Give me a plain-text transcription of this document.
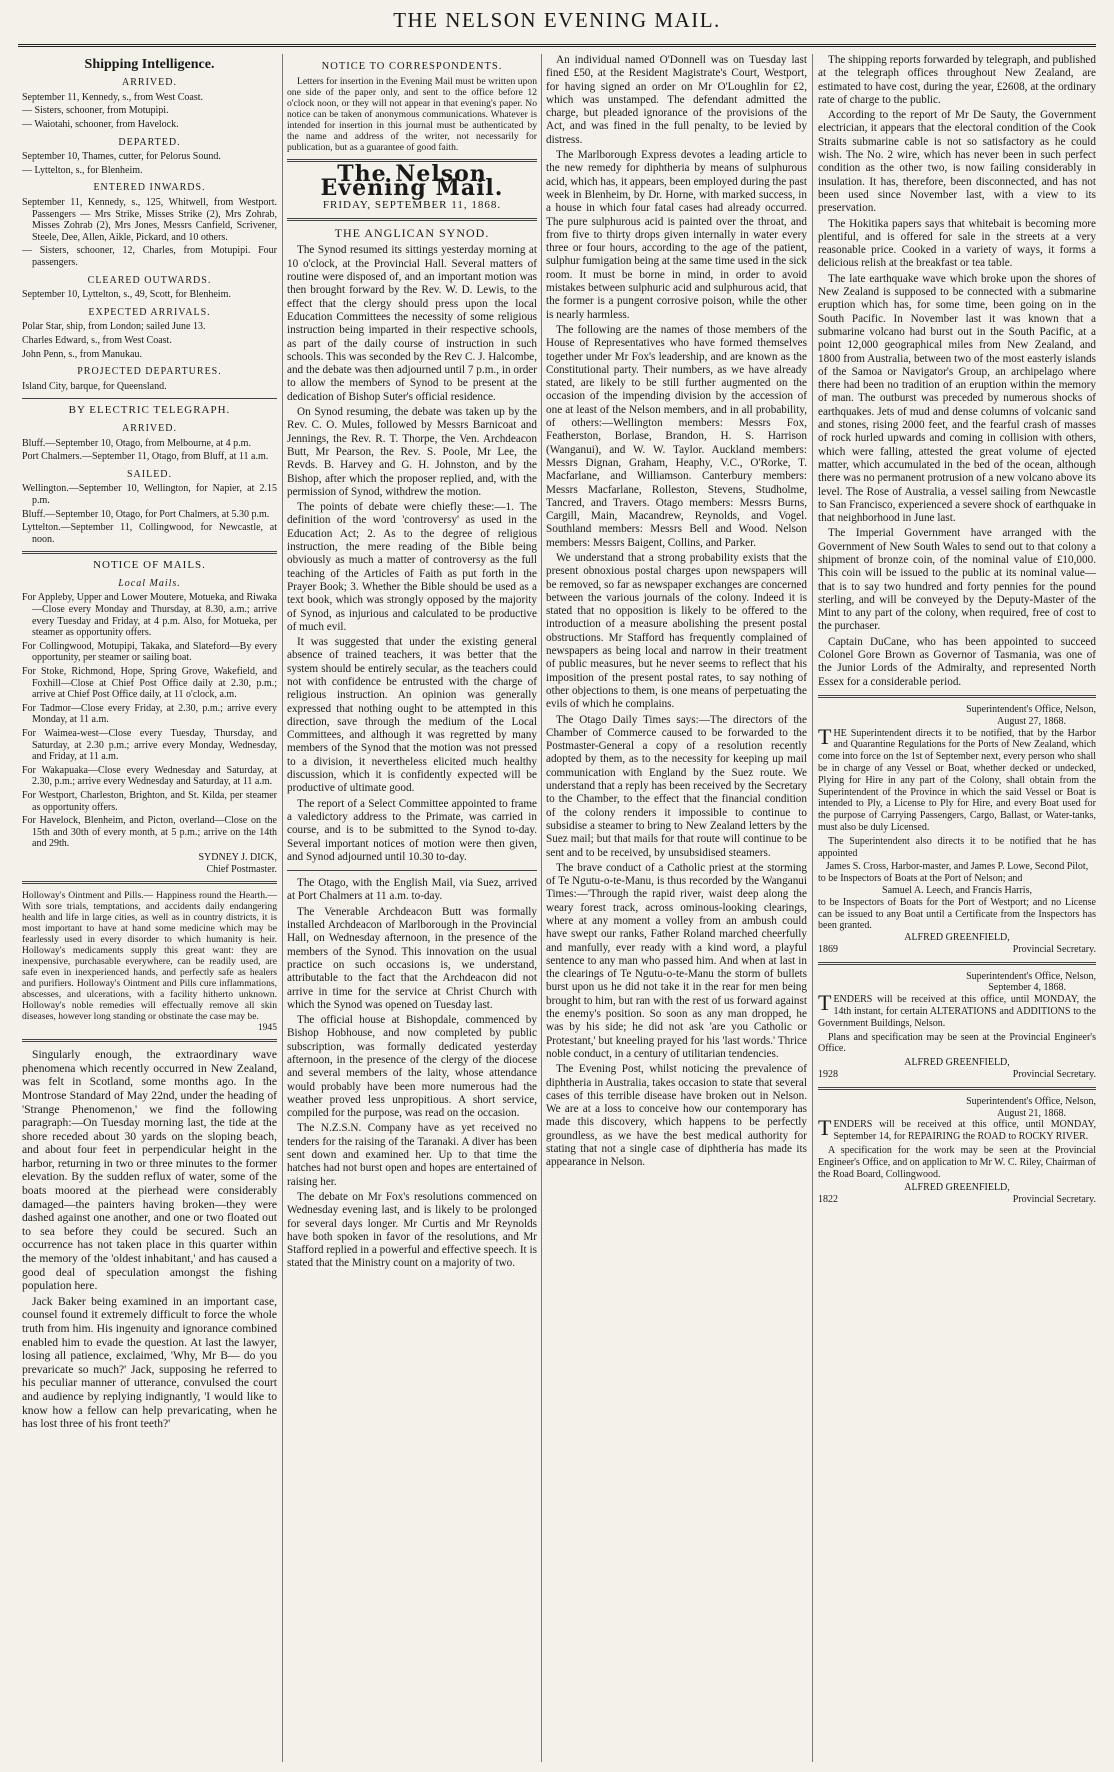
THE NELSON EVENING MAIL.
Shipping Intelligence.
ARRIVED.

September 11, Kennedy, s., from West Coast.

— Sisters, schooner, from Motupipi.

— Waiotahi, schooner, from Havelock.

DEPARTED.

September 10, Thames, cutter, for Pelorus Sound.

— Lyttelton, s., for Blenheim.

ENTERED INWARDS.

September 11, Kennedy, s., 125, Whitwell, from Westport. Passengers — Mrs Strike, Misses Strike (2), Mrs Zohrab, Misses Zohrab (2), Mrs Jones, Messrs Canfield, Scrivener, Steele, Dee, Allen, Aikle, Pickard, and 10 others.

— Sisters, schooner, 12, Charles, from Motupipi. Four passengers.

CLEARED OUTWARDS.

September 10, Lyttelton, s., 49, Scott, for Blenheim.

EXPECTED ARRIVALS.

Polar Star, ship, from London; sailed June 13.

Charles Edward, s., from West Coast.

John Penn, s., from Manukau.

PROJECTED DEPARTURES.

Island City, barque, for Queensland.

BY ELECTRIC TELEGRAPH.
ARRIVED.

Bluff.—September 10, Otago, from Melbourne, at 4 p.m.

Port Chalmers.—September 11, Otago, from Bluff, at 11 a.m.

SAILED.

Wellington.—September 10, Wellington, for Napier, at 2.15 p.m.

Bluff.—September 10, Otago, for Port Chalmers, at 5.30 p.m.

Lyttelton.—September 11, Collingwood, for Newcastle, at noon.

NOTICE OF MAILS.
Local Mails.

For Appleby, Upper and Lower Moutere, Motueka, and Riwaka—Close every Monday and Thursday, at 8.30, a.m.; arrive every Tuesday and Friday, at 4 p.m. Also, for Motueka, per steamer as opportunity offers.

For Collingwood, Motupipi, Takaka, and Slateford—By every opportunity, per steamer or sailing boat.

For Stoke, Richmond, Hope, Spring Grove, Wakefield, and Foxhill—Close at Chief Post Office daily at 2.30, p.m.; arrive at Chief Post Office daily, at 11 o'clock, a.m.

For Tadmor—Close every Friday, at 2.30, p.m.; arrive every Monday, at 11 a.m.

For Waimea-west—Close every Tuesday, Thursday, and Saturday, at 2.30 p.m.; arrive every Monday, Wednesday, and Friday, at 11 a.m.

For Wakapuaka—Close every Wednesday and Saturday, at 2.30, p.m.; arrive every Wednesday and Saturday, at 11 a.m.

For Westport, Charleston, Brighton, and St. Kilda, per steamer as opportunity offers.

For Havelock, Blenheim, and Picton, overland—Close on the 15th and 30th of every month, at 5 p.m.; arrive on the 14th and 29th.

SYDNEY J. DICK,
Chief Postmaster.
Holloway's Ointment and Pills.— Happiness round the Hearth.—With sore trials, temptations, and accidents daily endangering health and life in large cities, as well as in country districts, it is most important to have at hand some medicine which may be fearlessly used in every disorder to which humanity is heir. Holloway's medicaments supply this great want: they are inexpensive, purchasable everywhere, can be readily used, are safe even in inexperienced hands, and perfectly safe as healers and purifiers. Holloway's Ointment and Pills cure inflammations, abscesses, and ulcerations, with a facility hitherto unknown. Holloway's noble remedies will effectually remove all skin diseases, however long standing or obstinate the case may be.
1945

Singularly enough, the extraordinary wave phenomena which recently occurred in New Zealand, was felt in Scotland, some months ago. In the Montrose Standard of May 22nd, under the heading of 'Strange Phenomenon,' we find the following paragraph:—On Tuesday morning last, the tide at the shore receded about 30 yards on the sloping beach, and about four feet in perpendicular height in the harbor, returning in two or three minutes to the former elevation. By the sudden reflux of water, some of the boats moored at the pierhead were considerably damaged—the painters having broken—they were dashed against one another, and one or two floated out to sea before they could be secured. Such an occurrence has not taken place in this quarter within the memory of the 'oldest inhabitant,' and has caused a good deal of speculation amongst the fishing population here.

Jack Baker being examined in an important case, counsel found it extremely difficult to force the whole truth from him. His ingenuity and ignorance combined enabled him to evade the question. At last the lawyer, losing all patience, exclaimed, 'Why, Mr B— do you prevaricate so much?' Jack, supposing he referred to his peculiar manner of utterance, convulsed the court and audience by replying indignantly, 'I would like to know how a fellow can help prevaricating, when he has lost three of his front teeth?'

NOTICE TO CORRESPONDENTS.
Letters for insertion in the Evening Mail must be written upon one side of the paper only, and sent to the office before 12 o'clock noon, or they will not appear in that evening's paper. No notice can be taken of anonymous communications. Whatever is intended for insertion in this journal must be authenticated by the name and address of the writer, not necessarily for publication, but as a guarantee of good faith.
The Nelson Evening Mail.
FRIDAY, SEPTEMBER 11, 1868.
THE ANGLICAN SYNOD.

The Synod resumed its sittings yesterday morning at 10 o'clock, at the Provincial Hall. Several matters of routine were disposed of, and an important motion was then brought forward by the Rev. W. D. Lewis, to the effect that the clergy should press upon the local Education Committees the necessity of some religious instruction being imparted in their respective schools, as part of the daily course of instruction in such schools. This was seconded by the Rev C. J. Halcombe, and the debate was then adjourned until 7 p.m., in order to allow the members of Synod to be present at the dedication of Bishop Suter's official residence.

On Synod resuming, the debate was taken up by the Rev. C. O. Mules, followed by Messrs Barnicoat and Jennings, the Rev. R. T. Thorpe, the Ven. Archdeacon Butt, Mr Pearson, the Rev. S. Poole, Mr Lee, the Revds. B. Harvey and G. H. Johnston, and by the Bishop, after which the proposer replied, and, with the permission of Synod, withdrew the motion.

The points of debate were chiefly these:—1. The definition of the word 'controversy' as used in the Education Act; 2. As to the degree of religious instruction, the mere reading of the Bible being obviously as much a matter of controversy as the full teaching of the Articles of Faith as put forth in the Prayer Book; 3. Whether the Bible should be used as a text book, which was strongly opposed by the majority of Synod, as injurious and calculated to be productive of much evil.

It was suggested that under the existing general absence of trained teachers, it was better that the system should be entirely secular, as the teachers could not with confidence be entrusted with the charge of religious instruction. An opinion was generally expressed that nothing ought to be attempted in this direction, save through the medium of the Local Committees, and although it was regretted by many members of the Synod that the motion was not pressed to a division, it nevertheless elicited much healthy discussion, which it is confidently expected will be productive of ultimate good.

The report of a Select Committee appointed to frame a valedictory address to the Primate, was carried in course, and is to be submitted to the Synod to-day. Several important notices of motion were then given, and Synod adjourned until 10.30 to-day.

The Otago, with the English Mail, via Suez, arrived at Port Chalmers at 11 a.m. to-day.

The Venerable Archdeacon Butt was formally installed Archdeacon of Marlborough in the Provincial Hall, on Wednesday afternoon, in the presence of the members of the Synod. This innovation on the usual practice on such occasions is, we understand, attributable to the fact that the Archdeacon did not arrive in time for the service at Christ Church with which the Synod was opened on Tuesday last.

The official house at Bishopdale, commenced by Bishop Hobhouse, and now completed by public subscription, was formally dedicated yesterday afternoon, in the presence of the clergy of the diocese and several members of the laity, whose attendance would probably have been more numerous had the weather proved less unpropitious. A short service, compiled for the purpose, was read on the occasion.

The N.Z.S.N. Company have as yet received no tenders for the raising of the Taranaki. A diver has been sent down and examined her. Up to that time the hatches had not burst open and hopes are entertained of raising her.

The debate on Mr Fox's resolutions commenced on Wednesday evening last, and is likely to be prolonged for several days longer. Mr Curtis and Mr Reynolds have both spoken in favor of the resolutions, and Mr Stafford replied in a powerful and effective speech. It is stated that the Ministry count on a majority of two.

An individual named O'Donnell was on Tuesday last fined £50, at the Resident Magistrate's Court, Westport, for having signed an order on Mr O'Loughlin for £2, which was unstamped. The defendant admitted the charge, but pleaded ignorance of the provisions of the Act, and was fined in the full penalty, to be levied by distress.

The Marlborough Express devotes a leading article to the new remedy for diphtheria by means of sulphurous acid, which has, it appears, been employed during the past week in Blenheim, by Dr. Horne, with marked success, in a house in which four fatal cases had already occurred. The pure sulphurous acid is painted over the throat, and from five to thirty drops given internally in water every three or four hours, according to the age of the patient, sulphur fumigation being at the same time used in the sick room. It must be borne in mind, in order to avoid mistakes between sulphuric acid and sulphurous acid, that the former is a pungent corrosive poison, while the other is nearly harmless.

The following are the names of those members of the House of Representatives who have formed themselves together under Mr Fox's leadership, and are known as the Constitutional party. Their numbers, as we have already stated, are likely to be still further augmented on the occasion of the impending division by the accession of one at least of the Nelson members, and in all probability, of others:—Wellington members: Messrs Fox, Featherston, Borlase, Brandon, H. S. Harrison (Wanganui), and W. W. Taylor. Auckland members: Messrs Dignan, Graham, Heaphy, V.C., O'Rorke, T. Macfarlane, and Williamson. Canterbury members: Messrs Macfarlane, Rolleston, Stevens, Studholme, Tancred, and Travers. Otago members: Messrs Burns, Cargill, Main, Macandrew, Reynolds, and Vogel. Southland members: Messrs Bell and Wood. Nelson members: Messrs Baigent, Collins, and Parker.

We understand that a strong probability exists that the present obnoxious postal charges upon newspapers will be removed, so far as newspaper exchanges are concerned between the various journals of the colony. Indeed it is stated that no opposition is likely to be offered to the introduction of a measure abolishing the present postal obstructions. Mr Stafford has frequently complained of newspapers as being local and narrow in their treatment of public measures, but he never seems to reflect that his imposition of the present postal rates, to say nothing of other objections to them, is one means of perpetuating the evils of which he complains.

The Otago Daily Times says:—The directors of the Chamber of Commerce caused to be forwarded to the Postmaster-General a copy of a resolution recently adopted by them, as to the necessity for keeping up mail communication with England by the Suez route. We understand that a reply has been received by the Secretary to the Chamber, to the effect that the financial condition of the colony renders it impossible to continue to subsidise a steamer to bring to New Zealand letters by the Suez mail; but that mails for that route will continue to be sent and to be received, by unsubsidised steamers.

The brave conduct of a Catholic priest at the storming of Te Ngutu-o-te-Manu, is thus recorded by the Wanganui Times:—'Through the rapid river, waist deep along the weary forest track, across ominous-looking clearings, where at any moment a volley from an ambush could have swept our ranks, Father Roland marched cheerfully and manfully, ever ready with a kind word, a playful sentence to any man who passed him. And when at last in the clearings of Te Ngutu-o-te-Manu the storm of bullets burst upon us he did not take it in the rear for men being brought to him, but ran with the rest of us forward against the enemy's position. So soon as any man dropped, he was by his side; he did not ask 'are you Catholic or Protestant,' but kneeling prayed for his 'last words.' Thrice noble conduct, in a century of utilitarian tendencies.

The Evening Post, whilst noticing the prevalence of diphtheria in Australia, takes occasion to state that several cases of this terrible disease have broken out in Nelson. We are at a loss to conceive how our contemporary has made this discovery, which happens to be perfectly groundless, as we have the best medical authority for stating that not a single case of diphtheria has made its appearance in Nelson.

The shipping reports forwarded by telegraph, and published at the telegraph offices throughout New Zealand, are estimated to have cost, during the year, £2608, at the ordinary rate of charge to the public.

According to the report of Mr De Sauty, the Government electrician, it appears that the electoral condition of the Cook Straits submarine cable is not so satisfactory as he could wish. The No. 2 wire, which has never been in such perfect condition as the other two, is now failing considerably in insulation. It has, therefore, been disconnected, and has not been used since November last, with a view to its preservation.

The Hokitika papers says that whitebait is becoming more plentiful, and is offered for sale in the streets at a very reasonable price. Cooked in a variety of ways, it forms a delicious relish at the breakfast or tea table.

The late earthquake wave which broke upon the shores of New Zealand is supposed to be connected with a submarine eruption which has, for some time, been going on in the South Pacific. In November last it was known that a submarine volcano had burst out in the South Pacific, at a point 12,000 geographical miles from New Zealand, and 1800 from Australia, between two of the most easterly islands of the Samoa or Navigator's Group, an archipelago where there had been no tradition of an eruption within the memory of man. The outburst was preceded by numerous shocks of earthquakes. Jets of mud and dense columns of volcanic sand and stones, rising 2000 feet, and the fearful crash of masses of rock hurled upwards and coming in collision with others, which were falling, attested the great volume of ejected matter, which accumulated in the bed of the ocean, although there was no permanent protrusion of a new volcano above its level. The Rose of Australia, a vessel sailing from Newcastle to San Francisco, experienced a severe shock of earthquake in that neighborhood in June last.

The Imperial Government have arranged with the Government of New South Wales to send out to that colony a shipment of bronze coin, of the nominal value of £10,000. This coin will be issued to the public at its nominal value—that is to say two hundred and forty pennies for the pound sterling, and will be conveyed by the Deputy-Master of the Mint to any part of the colony, when required, free of cost to the purchaser.

Captain DuCane, who has been appointed to succeed Colonel Gore Brown as Governor of Tasmania, was one of the Junior Lords of the Admiralty, and represented North Essex for a considerable period.

Superintendent's Office, Nelson,
August 27, 1868.

THE Superintendent directs it to be notified, that by the Harbor and Quarantine Regulations for the Ports of New Zealand, which come into force on the 1st of September next, every person who shall be in charge of any Vessel or Boat, whether decked or undecked, Plying for Hire in any part of the Colony, shall obtain from the Superintendent of the Province in which the said Vessel or Boat is intended to Ply, a License to Ply for Hire, and every Boat used for the purpose of Carrying Passengers, Cargo, Ballast, or Water-tanks, must also be duly Licensed.

The Superintendent also directs it to be notified that he has appointed

James S. Cross, Harbor-master, and James P. Lowe, Second Pilot,
to be Inspectors of Boats at the Port of Nelson; and
Samuel A. Leech, and Francis Harris,
to be Inspectors of Boats for the Port of Westport; and no License can be issued to any Boat until a Certificate from the Inspectors has been granted.
ALFRED GREENFIELD,
1869	Provincial Secretary.
Superintendent's Office, Nelson,
September 4, 1868.

TENDERS will be received at this office, until MONDAY, the 14th instant, for certain ALTERATIONS and ADDITIONS to the Government Buildings, Nelson.

Plans and specification may be seen at the Provincial Engineer's Office.

ALFRED GREENFIELD,
1928	Provincial Secretary.
Superintendent's Office, Nelson,
August 21, 1868.

TENDERS will be received at this office, until MONDAY, September 14, for REPAIRING the ROAD to ROCKY RIVER.

A specification for the work may be seen at the Provincial Engineer's Office, and on application to Mr W. C. Riley, Chairman of the Road Board, Collingwood.

ALFRED GREENFIELD,
1822	Provincial Secretary.
